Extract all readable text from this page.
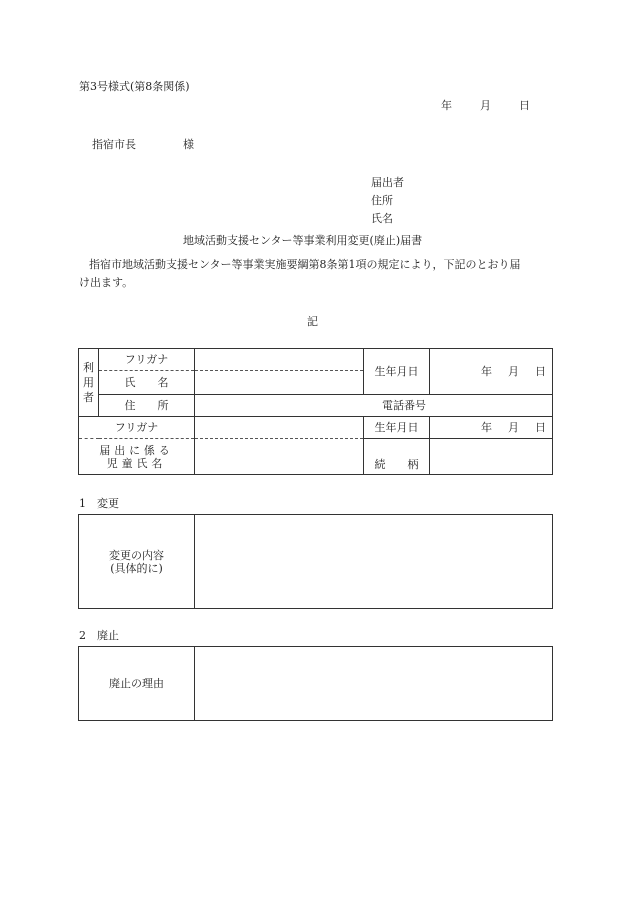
第3号様式(第8条関係)
年	月	日
指宿市長	様
届出者
住所
氏名
地域活動支援センター等事業利用変更(廃止)届書
指宿市地域活動支援センター等事業実施要綱第8条第1項の規定により，下記のとおり届
け出ます。
記
利用者	フリガナ		生年月日	年 月 日

	氏　　名			
	住　　所	電話番号		

フリガナ			生年月日	年 月 日

届出に係る
児童氏名			続　　柄	
1　変更
変更の内容
(具体的に)

2　廃止
廃止の理由	
